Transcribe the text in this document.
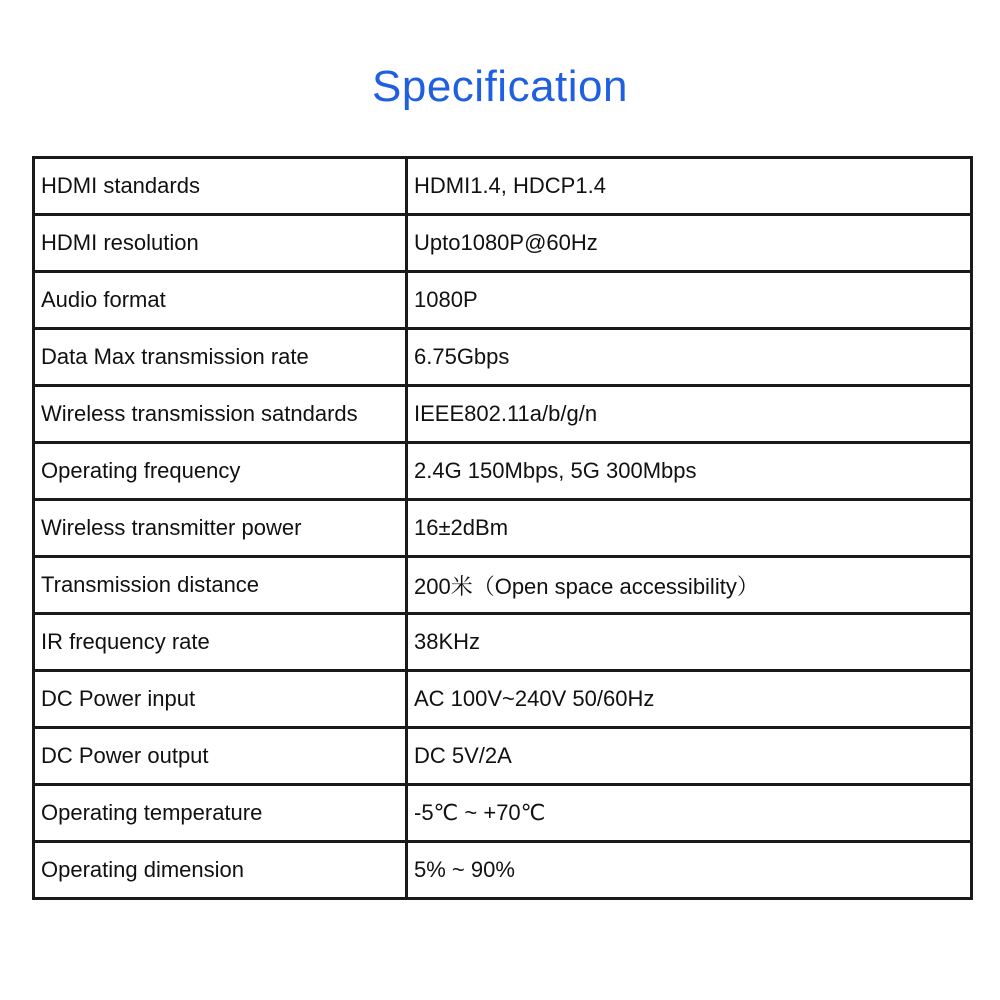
Specification
HDMI standards	HDMI1.4, HDCP1.4
HDMI resolution	Upto1080P@60Hz
Audio format	1080P
Data Max transmission rate	6.75Gbps
Wireless transmission satndards	IEEE802.11a/b/g/n
Operating frequency	2.4G 150Mbps, 5G 300Mbps
Wireless transmitter power	16±2dBm
Transmission distance	200米（Open space accessibility）
IR frequency rate	38KHz
DC Power input	AC 100V~240V 50/60Hz
DC Power output	DC 5V/2A
Operating temperature	-5℃ ~ +70℃
Operating dimension	5% ~ 90%
